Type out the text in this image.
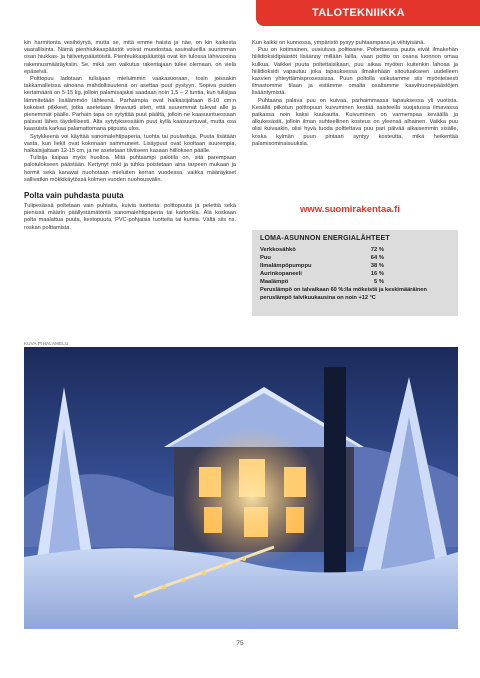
TALOTEKNIIKKA

kin harmitonta vesihöyryä, mutta se, mitä emme haista ja näe, on kin kaikesta vaarallisinta. Nämä pienhiukkaspäästöt voivat muodostaa asuinalueilla suurimman osan hiukkas- ja hiilivetypäästöistä. Pienhiukkaspäästöjä ovat kin tulossa lähivuosina rakennusmääräyksiin. Se, mikä sen vaikutus rakentajaan tulee olemaan, on vielä epäselvä.

Polttopuu ladotaan tulisijaan mieluimmin vaakasuoraan, tosin joissakin takkamalleissa ainoana mahdollisuutena on asettaa puut pystyyn. Sopiva puiden kertamäärä on 5-15 kg, jolloin palamisajaksi saadaan noin 1,5 – 2 tuntia, kun tulisijaa lämmitetään lisälämmön lähteenä. Parhaimpia ovat halkaisijaltaan 8-10 cm:n kokoiset pilkkeet, jotka asetetaan ilmavasti siten, että suuremmat tulevat alle ja pienemmät päälle. Parhain tapa on sytyttää puut päältä, jolloin ne kaasuuntuessaan palavat lähes täydellisesti. Alta sytytyksessäkin puut kyllä kaasuuntuvat, mutta osa kaasuista karkaa palamattomana piipusta ulos.

Sytykkeenä voi käyttää sanomalehtipaperia, tuohta tai puulastuja. Puuta lisätään vasta, kun liekit ovat kokonaan sammuneet. Lisäypuut ovat kooltaan suurempia, halkaisijaltaan 12-15 cm, ja ne asetetaan tiiviiseen kasaan hiilloksen päälle.

Tulisija kaipaa myös huoltoa. Mitä puhtaampi palotila on, sitä parempaan palotulokseen päästään. Kertynyt noki ja tuhka poistetaan aina tarpeen mukaan ja hormit sekä kanavat nuohotaan mieluiten kerran vuodessa, vaikka määräykset sallivatkin mökkikäytössä kolmen vuoden nuohousvälin.

Polta vain puhdasta puuta

Tulipesässä poltetaan vain puhtaita, kuivia tuotteita: polttopuuta ja pelettiä sekä pienissä määrin päällystämätöntä sanomalehtipaperia tai kartonkia. Älä koskaan polta maalattua puuta, kestopuuta, PVC-pohjaisia tuotteita tai kumia. Vältä siis ns. roskan polttamista.

Kun kaikki on kunnossa, ympäristö pysyy puhtaampana ja viihtyisänä.

Puu on kotimainen, uusiutuva polttoaine. Poltettaessa puuta eivät ilmakehän hiilidioksidipäästöt lisäänny millään lailla, vaan poltto on osana luonnon omaa kulkua. Vaikkei puuta poltettaisikaan, puu aikaa myöten kuitenkin lahoaa ja hiilidioksidi vapautuu joka tapauksessa ilmakehään sitoutuakseen uudelleen kasvien yhteyttämisprosessissa. Puun poltolla vaikutamme siis myönteisesti ilmastomme tilaan ja estämme omalta osaltamme kasvihuonepäästöjen lisääntymistä.

Puhtaana palava puu on kuivaa, parhaimmassa tapauksessa yli vuotista. Kesällä pilkotun polttopuun kuivuminen kestää saisteella suojatussa ilmavassa paikassa noin kaksi kuukautta. Kuivuminen on varmempaa keväällä ja alkukesästä, jolloin ilman suhteellinen kosteus on yleensä alhainen. Vaikka puu olisi kuivaakin, olisi hyvä tuoda polttettava puu pari päivää aikaisemmin sisälle, koska kylmän puun pintaan syntyy kosteutta, mikä heikentää palamisominaisuuksia.

www.suomirakentaa.fi
LOMA-ASUNNON ENERGIALÄHTEET
Verkkosähkö	72 %
Puu	64 %
Ilmalämpöpumppu	38 %
Aurinkopaneeli	16 %
Maalämpö	5 %
Peruslämpö on talvaikaan 60 %:lla mökeistä ja keskimääräinen peruslämpö talvikuukausina on noin +12 °C
KUVA PIHALAMELU
75
